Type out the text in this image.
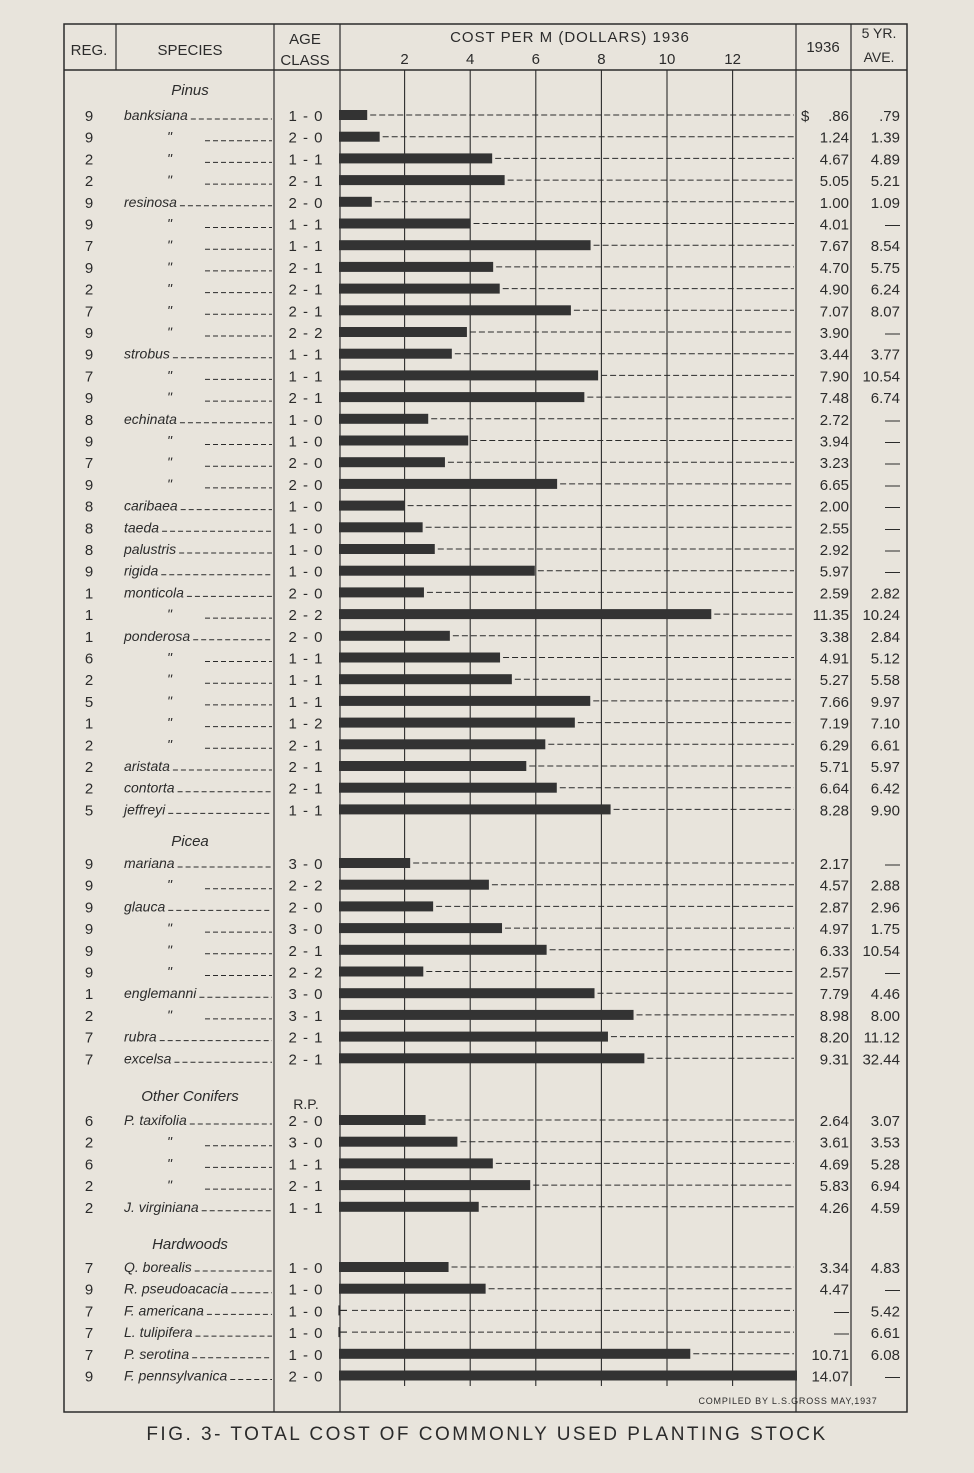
REG.	SPECIES
AGE
CLASS
COST PER M (DOLLARS) 1936
1936
5 YR.
AVE.
2	4	6	8	10	12
Pinus
9 banksiana	1 - 0	$ .86 .79
9	"	2 - 0	1.24 1.39
2	"	1 - 1	4.67 4.89
2	"	2 - 1	5.05 5.21
9 resinosa	2 - 0	1.00 1.09
9	"	1 - 1	4.01 —
7	"	1 - 1	7.67 8.54
9	"	2 - 1	4.70 5.75
2	"	2 - 1	4.90 6.24
7	"	2 - 1	7.07 8.07
9	"	2 - 2	3.90 —
9 strobus	1 - 1	3.44 3.77
7	"	1 - 1	7.90 10.54
9	"	2 - 1	7.48 6.74
8 echinata	1 - 0	2.72 —
9	"	1 - 0	3.94 —
7	"	2 - 0	3.23 —
9	"	2 - 0	6.65 —
8 caribaea	1 - 0	2.00 —
8 taeda	1 - 0	2.55 —
8 palustris	1 - 0	2.92 —
9 rigida	1 - 0	5.97 —
1 monticola	2 - 0	2.59 2.82
1	"	2 - 2	11.35 10.24
1 ponderosa	2 - 0	3.38 2.84
6	"	1 - 1	4.91 5.12
2	"	1 - 1	5.27 5.58
5	"	1 - 1	7.66 9.97
1	"	1 - 2	7.19 7.10
2	"	2 - 1	6.29 6.61
2 aristata	2 - 1	5.71 5.97
2 contorta	2 - 1	6.64 6.42
5 jeffreyi	1 - 1	8.28 9.90
Picea
9 mariana	3 - 0	2.17 —
9	"	2 - 2	4.57 2.88
9 glauca	2 - 0	2.87 2.96
9	"	3 - 0	4.97 1.75
9	"	2 - 1	6.33 10.54
9	"	2 - 2	2.57 —
1 englemanni	3 - 0	7.79 4.46
2	"	3 - 1	8.98 8.00
7 rubra	2 - 1	8.20 11.12
7 excelsa	2 - 1	9.31 32.44
Other Conifers	R.P.
6 P. taxifolia	2 - 0	2.64 3.07
2	"	3 - 0	3.61 3.53
6	"	1 - 1	4.69 5.28
2	"	2 - 1	5.83 6.94
2 J. virginiana	1 - 1	4.26 4.59
Hardwoods
7 Q. borealis	1 - 0	3.34 4.83
9 R. pseudoacacia	1 - 0	4.47 —
7 F. americana	1 - 0	— 5.42
7 L. tulipifera	1 - 0	— 6.61
7 P. serotina	1 - 0	10.71 6.08
9 F. pennsylvanica	2 - 0	14.07 —
COMPILED BY L.S.GROSS MAY,1937
FIG. 3- TOTAL COST OF COMMONLY USED PLANTING STOCK
